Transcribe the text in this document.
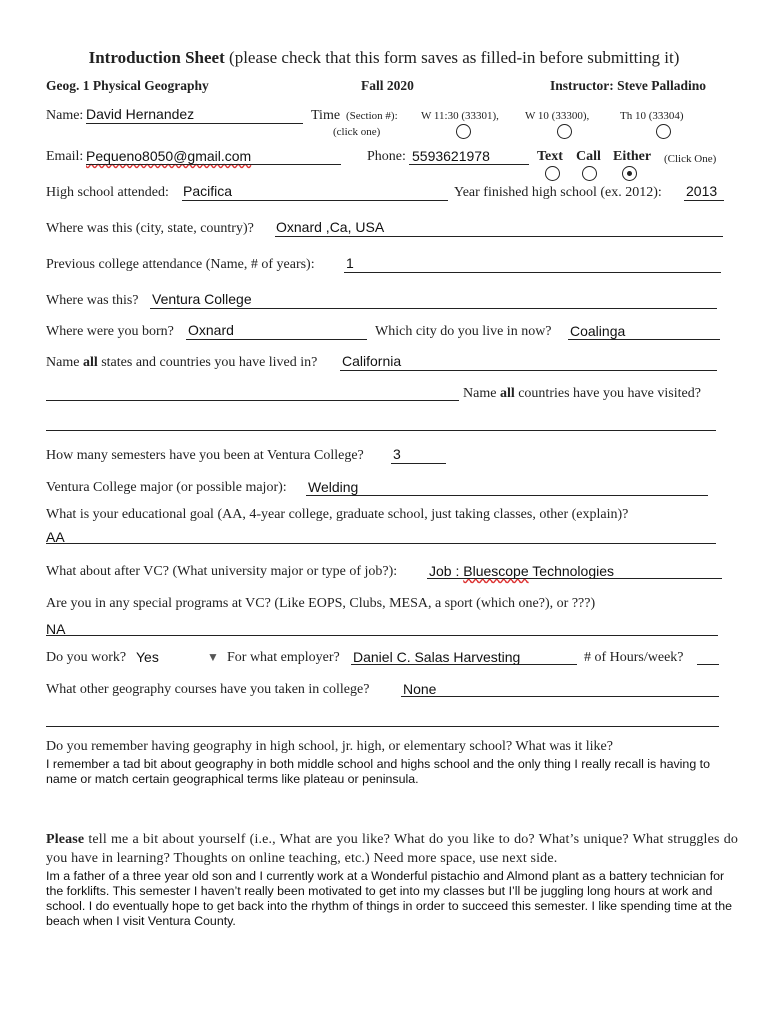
Introduction Sheet (please check that this form saves as filled-in before submitting it)
Geog. 1 Physical Geography	Fall 2020	Instructor: Steve Palladino
Name: David Hernandez	Time (Section #): W 11:30 (33301), W 10 (33300),	Th 10 (33304)
(click one)
Email: Pequeno8050@gmail.com	Phone: 5593621978	Text Call Either (Click One)
High school attended: Pacifica	Year finished high school (ex. 2012): 2013
Where was this (city, state, country)? Oxnard ,Ca, USA
Previous college attendance (Name, # of years): 1
Where was this? Ventura College
Where were you born? Oxnard	Which city do you live in now? Coalinga
Name all states and countries you have lived in? California
Name all countries have you have visited?
How many semesters have you been at Ventura College? 3
Ventura College major (or possible major): Welding
What is your educational goal (AA, 4-year college, graduate school, just taking classes, other (explain)?
AA
What about after VC? (What university major or type of job?): Job : Bluescope Technologies
Are you in any special programs at VC? (Like EOPS, Clubs, MESA, a sport (which one?), or ???)
NA
Do you work? Yes	▼ For what employer? Daniel C. Salas Harvesting	# of Hours/week?
What other geography courses have you taken in college? None
Do you remember having geography in high school, jr. high, or elementary school? What was it like?
I remember a tad bit about geography in both middle school and highs school and the only thing I really recall is having to name or match certain geographical terms like plateau or peninsula.
Please tell me a bit about yourself (i.e., What are you like? What do you like to do? What’s unique? What struggles do you have in learning? Thoughts on online teaching, etc.) Need more space, use next side.
Im a father of a three year old son and I currently work at a Wonderful pistachio and Almond plant as a battery technician for the forklifts. This semester I haven’t really been motivated to get into my classes but I’ll be juggling long hours at work and school. I do eventually hope to get back into the rhythm of things in order to succeed this semester. I like spending time at the beach when I visit Ventura County.
